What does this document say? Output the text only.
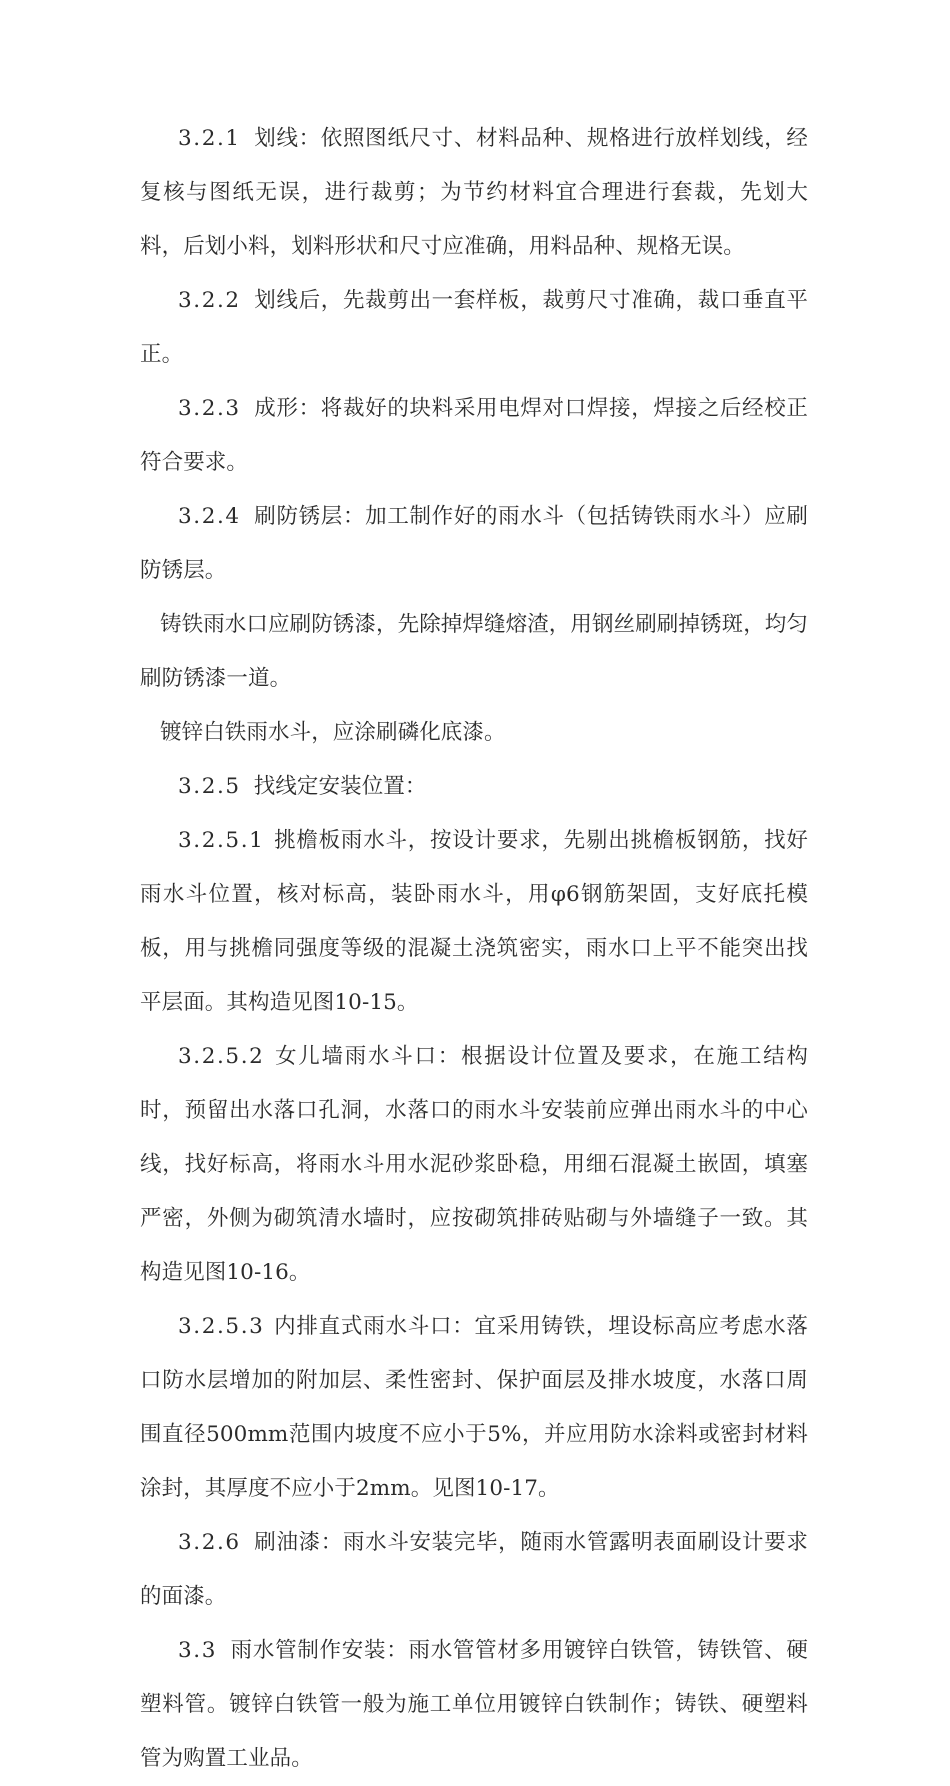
3.2.1 划线：依照图纸尺寸、材料品种、规格进行放样划线，经复核与图纸无误，进行裁剪；为节约材料宜合理进行套裁，先划大料，后划小料，划料形状和尺寸应准确，用料品种、规格无误。

3.2.2 划线后，先裁剪出一套样板，裁剪尺寸准确，裁口垂直平正。

3.2.3 成形：将裁好的块料采用电焊对口焊接，焊接之后经校正符合要求。

3.2.4 刷防锈层：加工制作好的雨水斗（包括铸铁雨水斗）应刷防锈层。

铸铁雨水口应刷防锈漆，先除掉焊缝熔渣，用钢丝刷刷掉锈斑，均匀刷防锈漆一道。

镀锌白铁雨水斗，应涂刷磷化底漆。

3.2.5 找线定安装位置：

3.2.5.1 挑檐板雨水斗，按设计要求，先剔出挑檐板钢筋，找好雨水斗位置，核对标高，装卧雨水斗，用φ6钢筋架固，支好底托模板，用与挑檐同强度等级的混凝土浇筑密实，雨水口上平不能突出找平层面。其构造见图10-15。

3.2.5.2 女儿墙雨水斗口：根据设计位置及要求，在施工结构时，预留出水落口孔洞，水落口的雨水斗安装前应弹出雨水斗的中心线，找好标高，将雨水斗用水泥砂浆卧稳，用细石混凝土嵌固，填塞严密，外侧为砌筑清水墙时，应按砌筑排砖贴砌与外墙缝子一致。其构造见图10-16。

3.2.5.3 内排直式雨水斗口：宜采用铸铁，埋设标高应考虑水落口防水层增加的附加层、柔性密封、保护面层及排水坡度，水落口周围直径500mm范围内坡度不应小于5%，并应用防水涂料或密封材料涂封，其厚度不应小于2mm。见图10-17。

3.2.6 刷油漆：雨水斗安装完毕，随雨水管露明表面刷设计要求的面漆。

3.3 雨水管制作安装：雨水管管材多用镀锌白铁管，铸铁管、硬塑料管。镀锌白铁管一般为施工单位用镀锌白铁制作；铸铁、硬塑料管为购置工业品。
